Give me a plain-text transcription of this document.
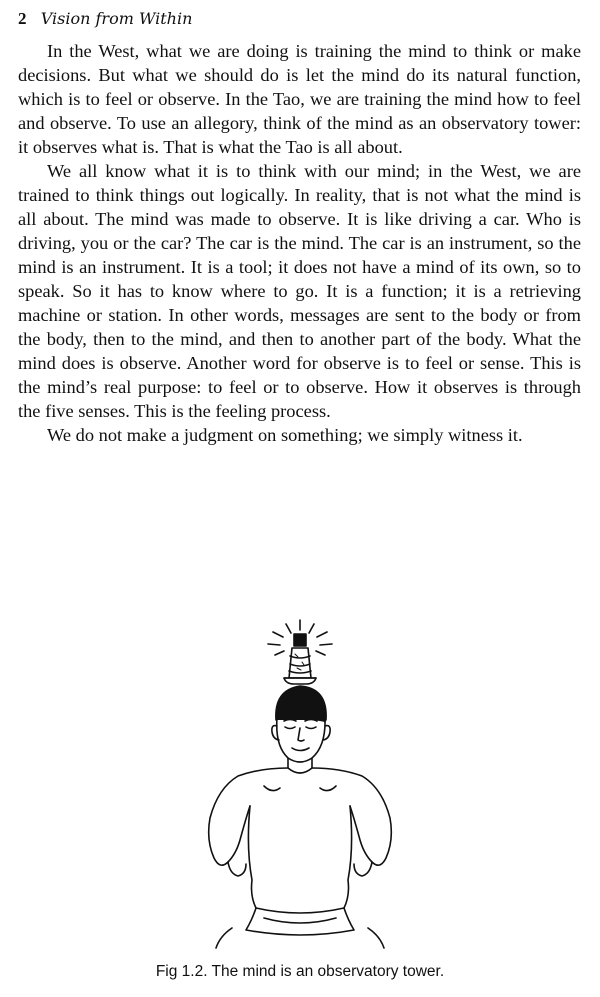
2 Vision from Within

In the West, what we are doing is training the mind to think or make decisions. But what we should do is let the mind do its natural function, which is to feel or observe. In the Tao, we are training the mind how to feel and observe. To use an allegory, think of the mind as an observatory tower: it observes what is. That is what the Tao is all about.

We all know what it is to think with our mind; in the West, we are trained to think things out logically. In reality, that is not what the mind is all about. The mind was made to observe. It is like driving a car. Who is driving, you or the car? The car is the mind. The car is an instrument, so the mind is an instrument. It is a tool; it does not have a mind of its own, so to speak. So it has to know where to go. It is a function; it is a retrieving machine or station. In other words, messages are sent to the body or from the body, then to the mind, and then to another part of the body. What the mind does is observe. Another word for observe is to feel or sense. This is the mind’s real purpose: to feel or to observe. How it observes is through the five senses. This is the feeling process.

We do not make a judgment on something; we simply witness it.

Fig 1.2. The mind is an observatory tower.
